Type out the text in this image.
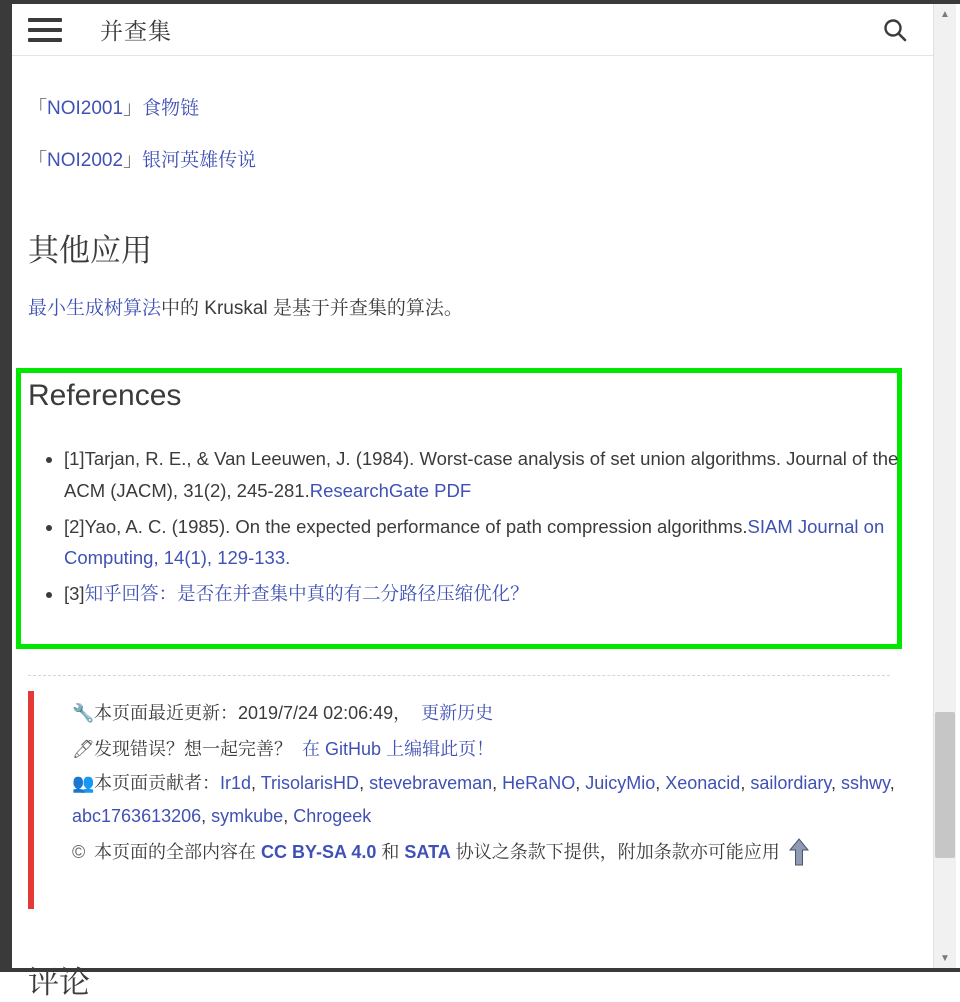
并查集
「NOI2001」食物链
「NOI2002」银河英雄传说
其他应用

最小生成树算法中的 Kruskal 是基于并查集的算法。

References
• [1]Tarjan, R. E., & Van Leeuwen, J. (1984). Worst-case analysis of set union algorithms. Journal of the ACM (JACM), 31(2), 245-281.ResearchGate PDF
• [2]Yao, A. C. (1985). On the expected performance of path compression algorithms.SIAM Journal on Computing, 14(1), 129-133.
• [3]知乎回答：是否在并查集中真的有二分路径压缩优化？
🔧本页面最近更新：2019/7/24 02:06:49， 更新历史
🖊发现错误？想一起完善？ 在 GitHub 上编辑此页！
👥本页面贡献者：Ir1d, TrisolarisHD, stevebraveman, HeRaNO, JuicyMio, Xeonacid, sailordiary, sshwy, abc1763613206, symkube, Chrogeek
© 本页面的全部内容在 CC BY-SA 4.0 和 SATA 协议之条款下提供，附加条款亦可能应用
评论
▲
▼
